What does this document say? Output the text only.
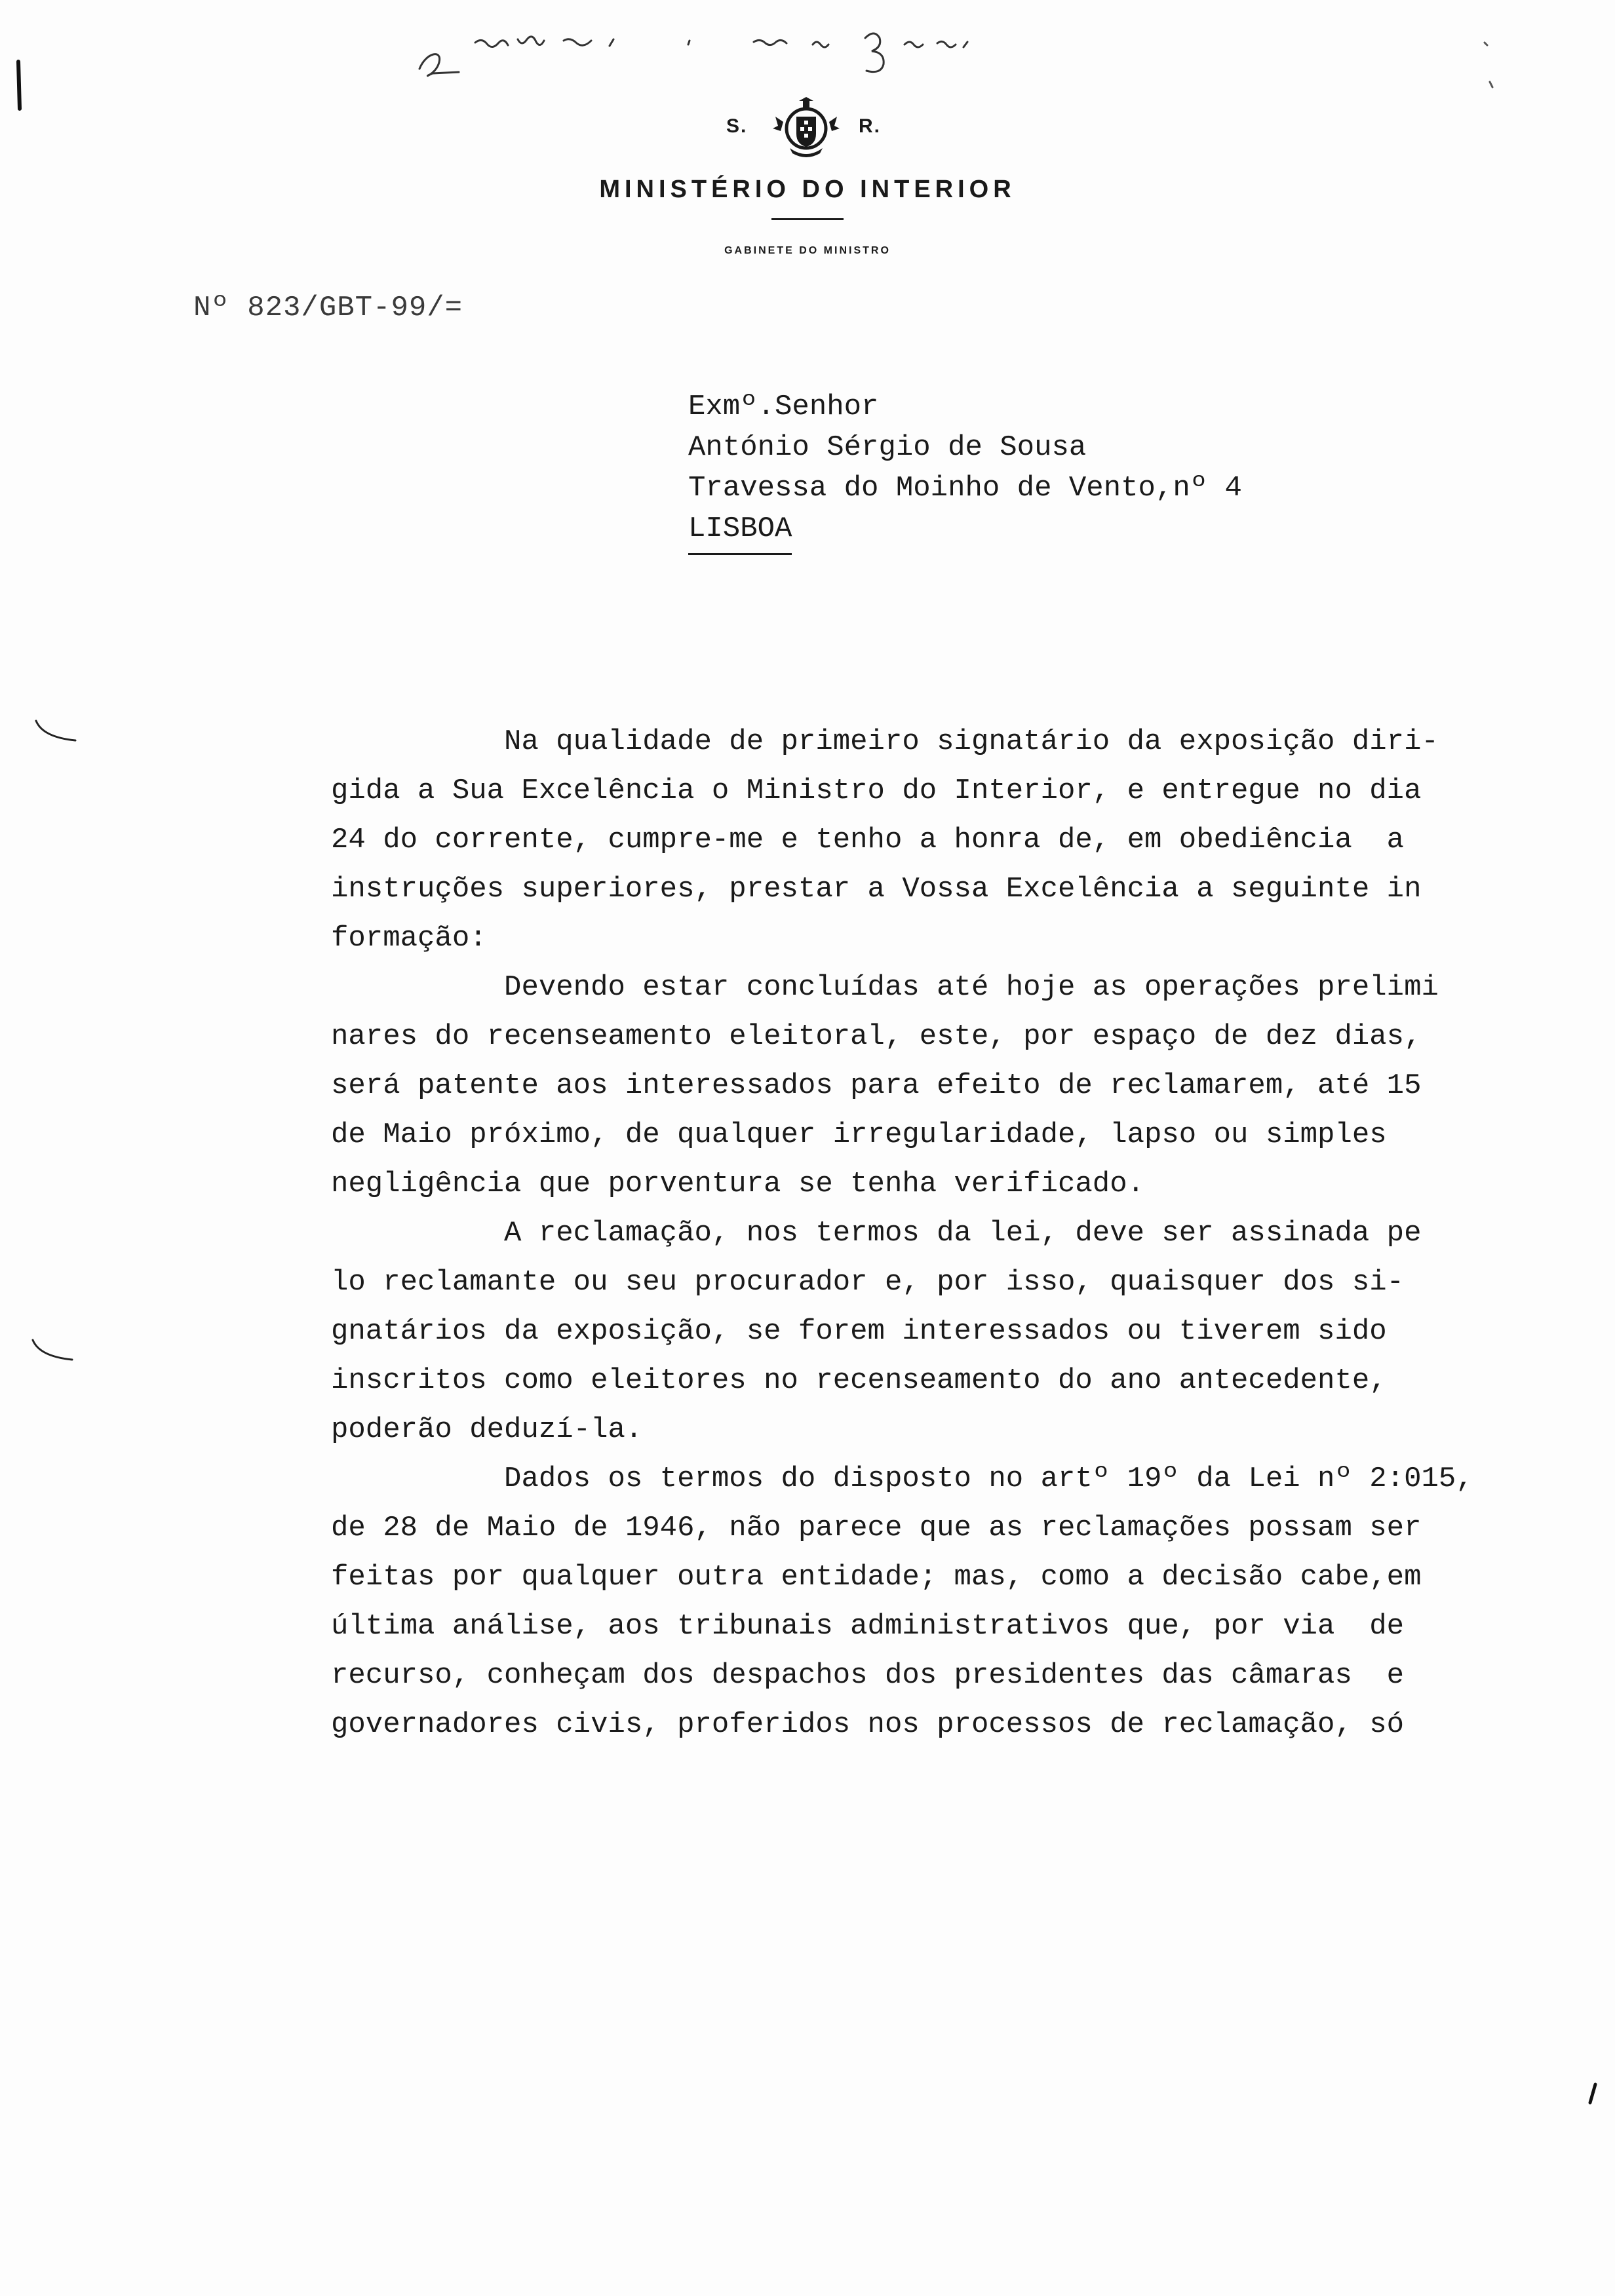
S.	R.
MINISTÉRIO DO INTERIOR
GABINETE DO MINISTRO
Nº 823/GBT-99/=
Exmº.Senhor
António Sérgio de Sousa
Travessa do Moinho de Vento,nº 4
LISBOA
Na qualidade de primeiro signatário da exposição diri-
gida a Sua Excelência o Ministro do Interior, e entregue no dia
24 do corrente, cumpre-me e tenho a honra de, em obediência  a
instruções superiores, prestar a Vossa Excelência a seguinte in
formação:
Devendo estar concluídas até hoje as operações prelimi
nares do recenseamento eleitoral, este, por espaço de dez dias,
será patente aos interessados para efeito de reclamarem, até 15
de Maio próximo, de qualquer irregularidade, lapso ou simples
negligência que porventura se tenha verificado.
A reclamação, nos termos da lei, deve ser assinada pe
lo reclamante ou seu procurador e, por isso, quaisquer dos si-
gnatários da exposição, se forem interessados ou tiverem sido
inscritos como eleitores no recenseamento do ano antecedente,
poderão deduzí-la.
Dados os termos do disposto no artº 19º da Lei nº 2:015,
de 28 de Maio de 1946, não parece que as reclamações possam ser
feitas por qualquer outra entidade; mas, como a decisão cabe,em
última análise, aos tribunais administrativos que, por via  de
recurso, conheçam dos despachos dos presidentes das câmaras  e
governadores civis, proferidos nos processos de reclamação, só
